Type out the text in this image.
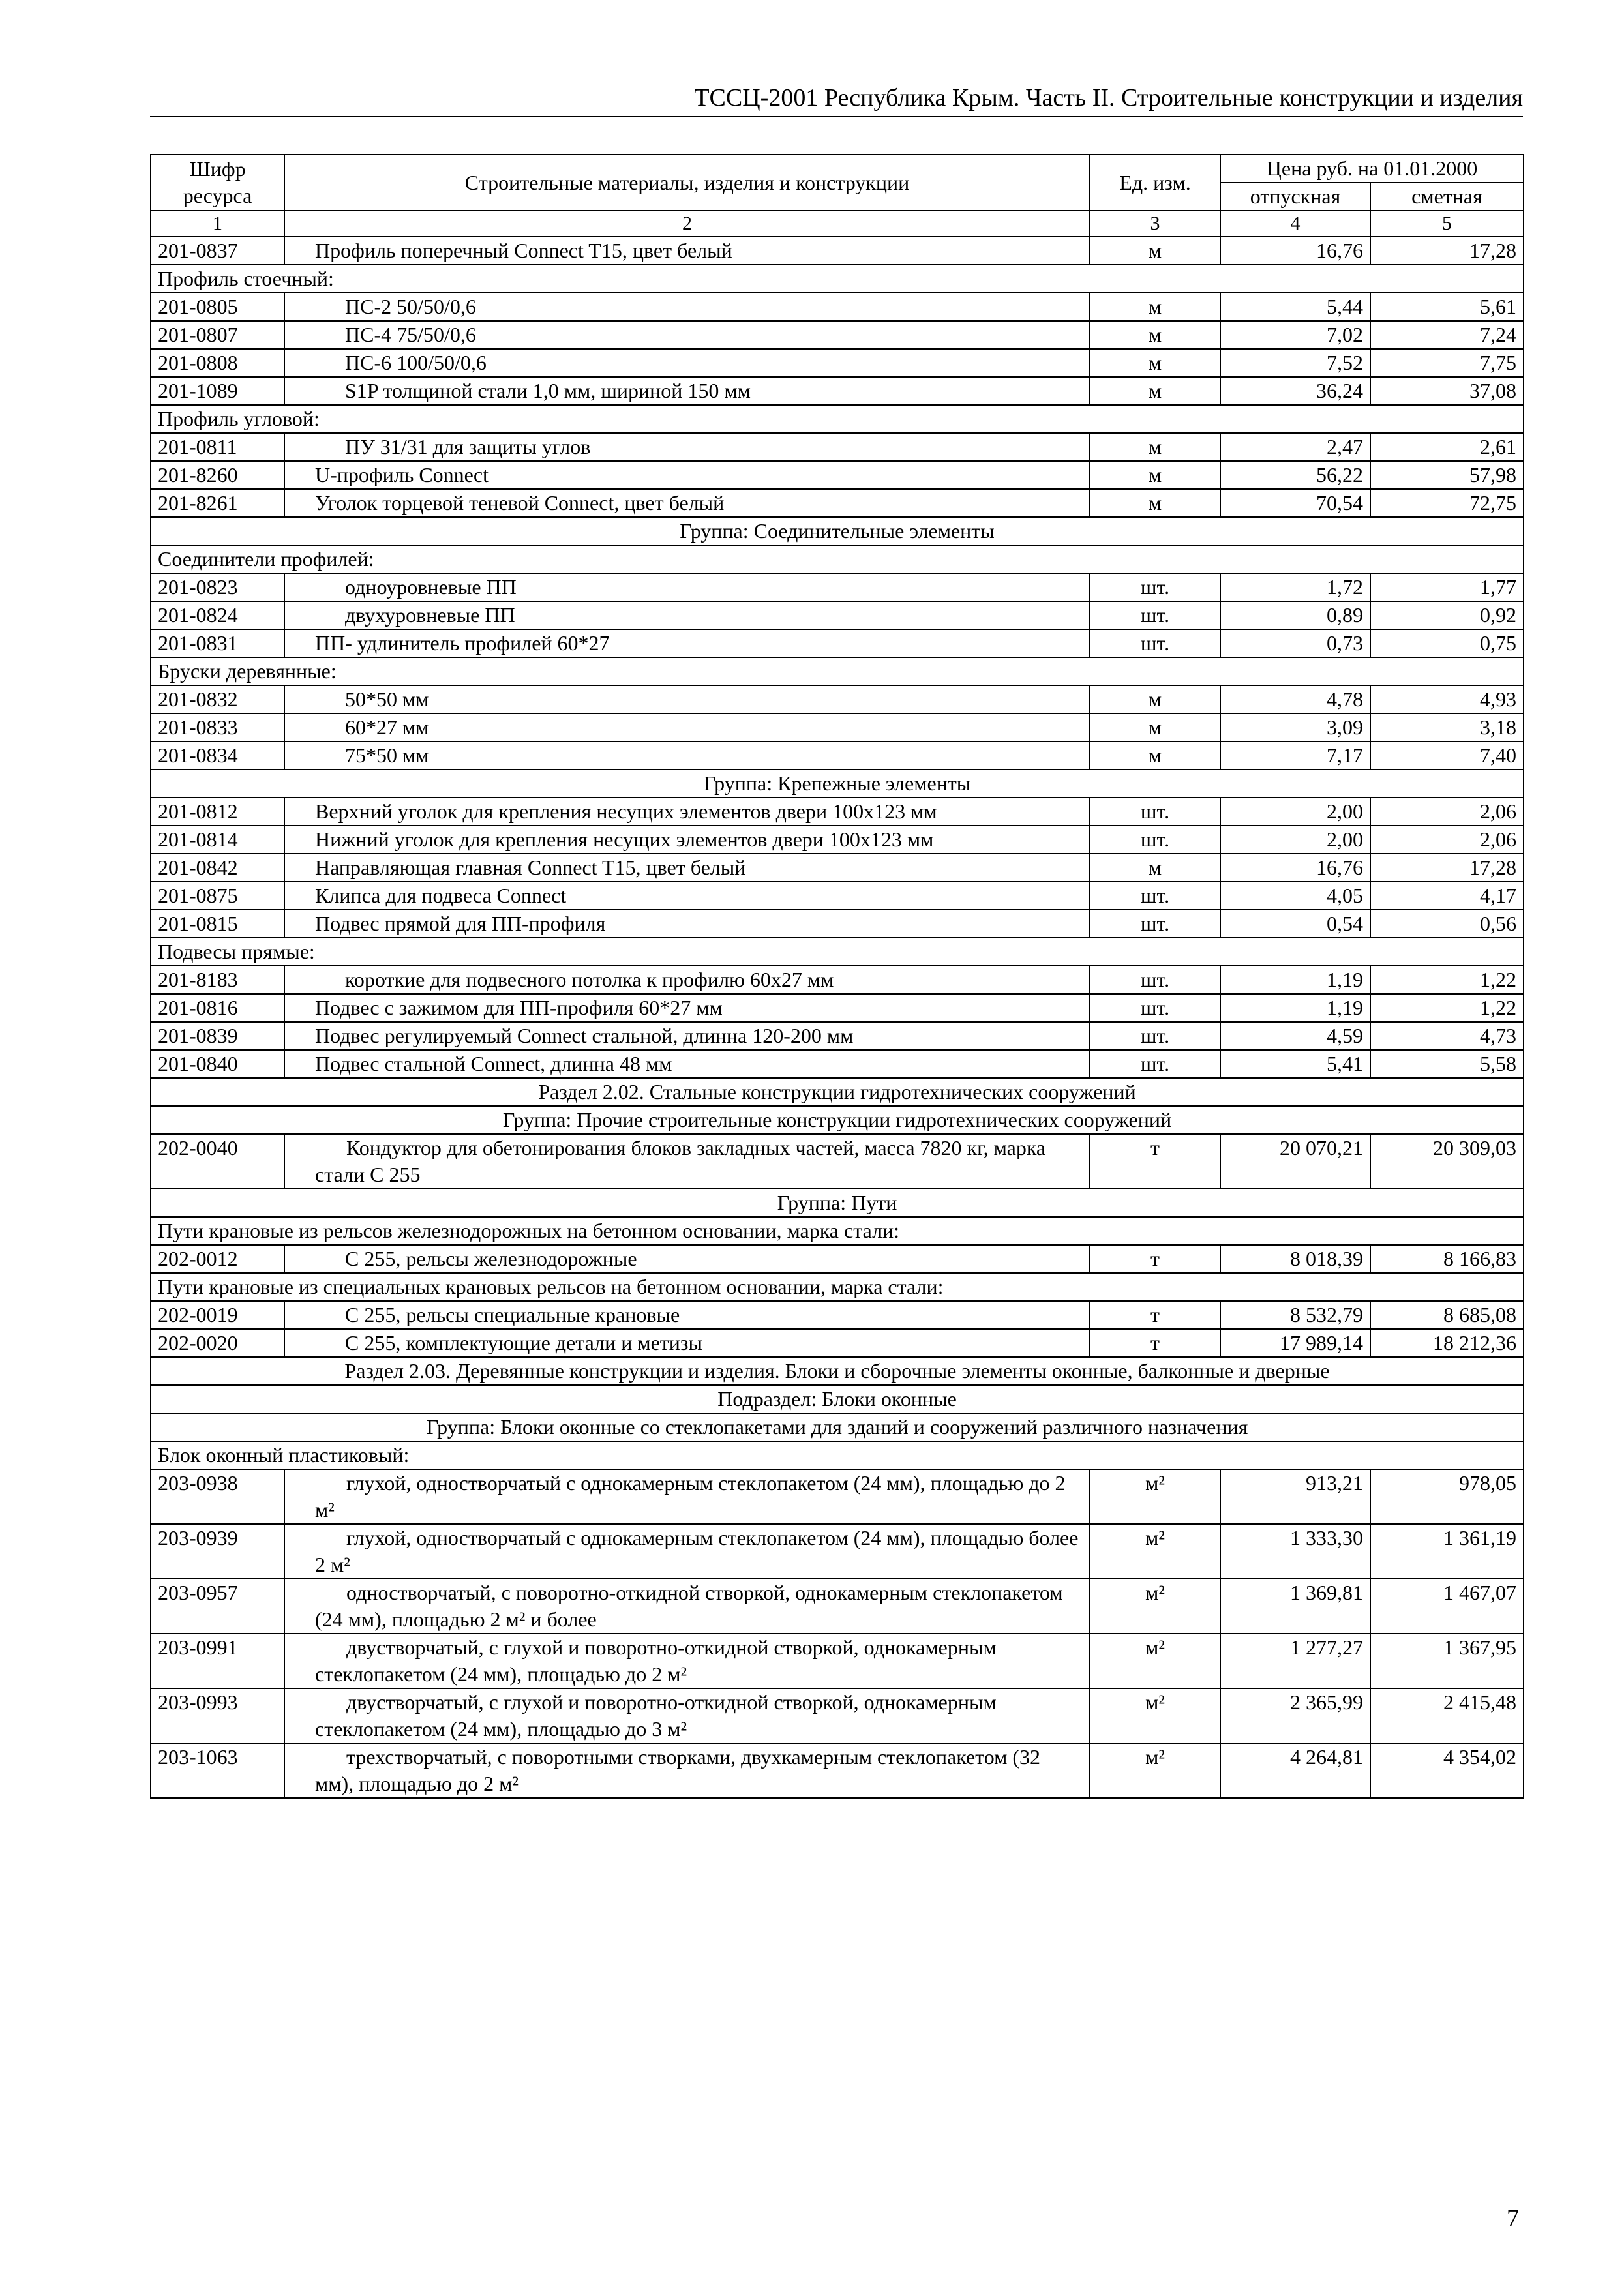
ТССЦ-2001 Республика Крым. Часть II. Строительные конструкции и изделия
Шифр ресурса	Строительные материалы, изделия и конструкции	Ед. изм.	Цена руб. на 01.01.2000	
			отпускная	сметная
1	2	3	4	5
201-0837	Профиль поперечный Connect T15, цвет белый	м	16,76	17,28
Профиль стоечный:				
201-0805	ПС-2 50/50/0,6	м	5,44	5,61
201-0807	ПС-4 75/50/0,6	м	7,02	7,24
201-0808	ПС-6 100/50/0,6	м	7,52	7,75
201-1089	S1P толщиной стали 1,0 мм, шириной 150 мм	м	36,24	37,08
Профиль угловой:				
201-0811	ПУ 31/31 для защиты углов	м	2,47	2,61
201-8260	U-профиль Connect	м	56,22	57,98
201-8261	Уголок торцевой теневой Connect, цвет белый	м	70,54	72,75
Группа: Соединительные элементы				
Соединители профилей:				
201-0823	одноуровневые ПП	шт.	1,72	1,77
201-0824	двухуровневые ПП	шт.	0,89	0,92
201-0831	ПП- удлинитель профилей 60*27	шт.	0,73	0,75
Бруски деревянные:				
201-0832	50*50 мм	м	4,78	4,93
201-0833	60*27 мм	м	3,09	3,18
201-0834	75*50 мм	м	7,17	7,40
Группа: Крепежные элементы				
201-0812	Верхний уголок для крепления несущих элементов двери 100х123 мм	шт.	2,00	2,06
201-0814	Нижний уголок для крепления несущих элементов двери 100х123 мм	шт.	2,00	2,06
201-0842	Направляющая главная Connect T15, цвет белый	м	16,76	17,28
201-0875	Клипса для подвеса Connect	шт.	4,05	4,17
201-0815	Подвес прямой для ПП-профиля	шт.	0,54	0,56
Подвесы прямые:				
201-8183	короткие для подвесного потолка к профилю 60х27 мм	шт.	1,19	1,22
201-0816	Подвес с зажимом для ПП-профиля 60*27 мм	шт.	1,19	1,22
201-0839	Подвес регулируемый Connect стальной, длинна 120-200 мм	шт.	4,59	4,73
201-0840	Подвес стальной Connect, длинна 48 мм	шт.	5,41	5,58
Раздел 2.02. Стальные конструкции гидротехнических сооружений				
Группа: Прочие строительные конструкции гидротехнических сооружений				
202-0040	Кондуктор для обетонирования блоков закладных частей, масса 7820 кг, марка стали С 255	т	20 070,21	20 309,03
Группа: Пути				
Пути крановые из рельсов железнодорожных на бетонном основании, марка стали:				
202-0012	С 255, рельсы железнодорожные	т	8 018,39	8 166,83
Пути крановые из специальных крановых рельсов на бетонном основании, марка стали:				
202-0019	С 255, рельсы специальные крановые	т	8 532,79	8 685,08
202-0020	С 255, комплектующие детали и метизы	т	17 989,14	18 212,36
Раздел 2.03. Деревянные конструкции и изделия. Блоки и сборочные элементы оконные, балконные и дверные				
Подраздел: Блоки оконные				
Группа: Блоки оконные со стеклопакетами для зданий и сооружений различного назначения				
Блок оконный пластиковый:				
203-0938	глухой, одностворчатый с однокамерным стеклопакетом (24 мм), площадью до 2 м²	м²	913,21	978,05
203-0939	глухой, одностворчатый с однокамерным стеклопакетом (24 мм), площадью более 2 м²	м²	1 333,30	1 361,19
203-0957	одностворчатый, с поворотно-откидной створкой, однокамерным стеклопакетом (24 мм), площадью 2 м² и более	м²	1 369,81	1 467,07
203-0991	двустворчатый, с глухой и поворотно-откидной створкой, однокамерным стеклопакетом (24 мм), площадью до 2 м²	м²	1 277,27	1 367,95
203-0993	двустворчатый, с глухой и поворотно-откидной створкой, однокамерным стеклопакетом (24 мм), площадью до 3 м²	м²	2 365,99	2 415,48
203-1063	трехстворчатый, с поворотными створками, двухкамерным стеклопакетом (32 мм), площадью до 2 м²	м²	4 264,81	4 354,02
7
